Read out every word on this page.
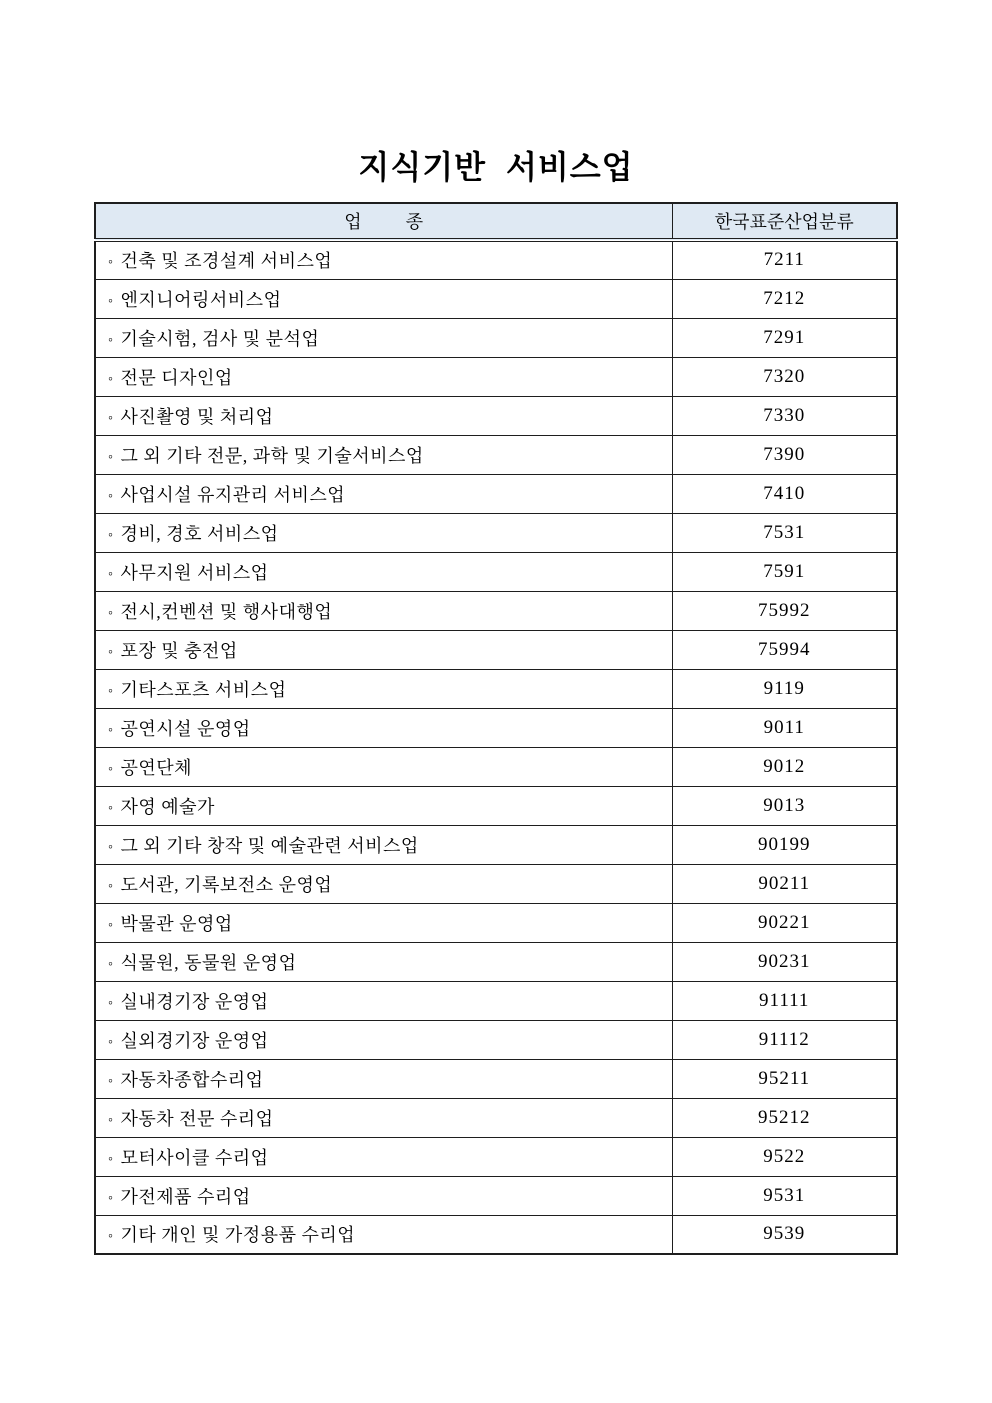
지식기반 서비스업
업 종	한국표준산업분류
◦ 건축 및 조경설계 서비스업	7211
◦ 엔지니어링서비스업	7212
◦ 기술시험, 검사 및 분석업	7291
◦ 전문 디자인업	7320
◦ 사진촬영 및 처리업	7330
◦ 그 외 기타 전문, 과학 및 기술서비스업	7390
◦ 사업시설 유지관리 서비스업	7410
◦ 경비, 경호 서비스업	7531
◦ 사무지원 서비스업	7591
◦ 전시,컨벤션 및 행사대행업	75992
◦ 포장 및 충전업	75994
◦ 기타스포츠 서비스업	9119
◦ 공연시설 운영업	9011
◦ 공연단체	9012
◦ 자영 예술가	9013
◦ 그 외 기타 창작 및 예술관련 서비스업	90199
◦ 도서관, 기록보전소 운영업	90211
◦ 박물관 운영업	90221
◦ 식물원, 동물원 운영업	90231
◦ 실내경기장 운영업	91111
◦ 실외경기장 운영업	91112
◦ 자동차종합수리업	95211
◦ 자동차 전문 수리업	95212
◦ 모터사이클 수리업	9522
◦ 가전제품 수리업	9531
◦ 기타 개인 및 가정용품 수리업	9539
